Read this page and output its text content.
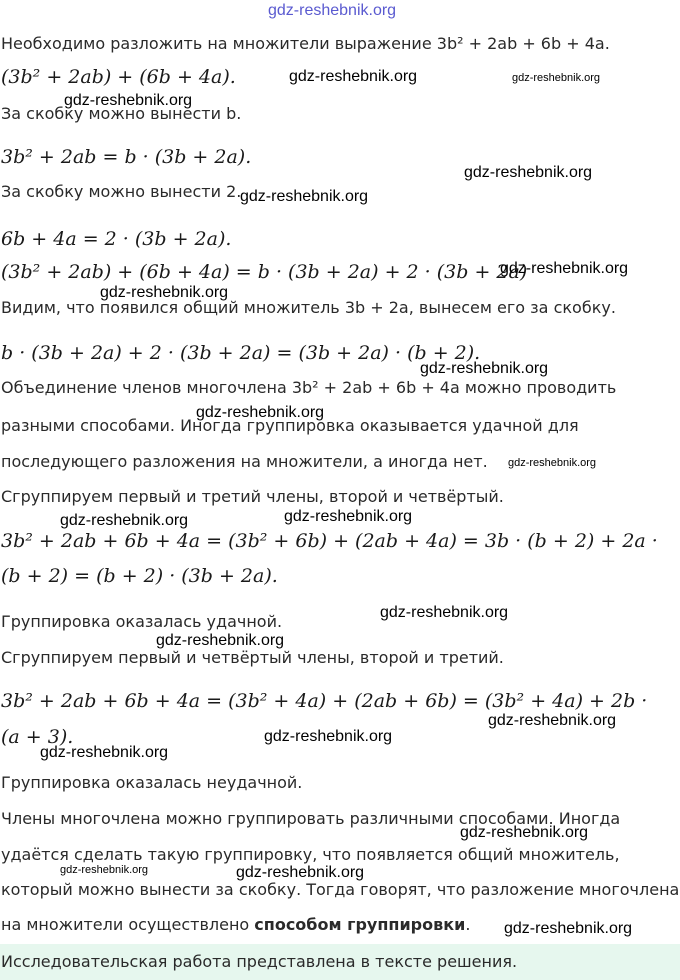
gdz-reshebnik.org
Необходимо разложить на множители выражение 3b² + 2ab + 6b + 4a.
(3b² + 2ab) + (6b + 4a).
За скобку можно вынести b.
3b² + 2ab = b · (3b + 2a).
За скобку можно вынести 2.
6b + 4a = 2 · (3b + 2a).
(3b² + 2ab) + (6b + 4a) = b · (3b + 2a) + 2 · (3b + 2a)
Видим, что появился общий множитель 3b + 2a, вынесем его за скобку.
b · (3b + 2a) + 2 · (3b + 2a) = (3b + 2a) · (b + 2).
Объединение членов многочлена 3b² + 2ab + 6b + 4a можно проводить
разными способами. Иногда группировка оказывается удачной для
последующего разложения на множители, а иногда нет.
Сгруппируем первый и третий члены, второй и четвёртый.
3b² + 2ab + 6b + 4a = (3b² + 6b) + (2ab + 4a) = 3b · (b + 2) + 2a ·
(b + 2) = (b + 2) · (3b + 2a).
Группировка оказалась удачной.
Сгруппируем первый и четвёртый члены, второй и третий.
3b² + 2ab + 6b + 4a = (3b² + 4a) + (2ab + 6b) = (3b² + 4a) + 2b ·
(a + 3).
Группировка оказалась неудачной.
Члены многочлена можно группировать различными способами. Иногда
удаётся сделать такую группировку, что появляется общий множитель,
который можно вынести за скобку. Тогда говорят, что разложение многочлена
на множители осуществлено способом группировки.
gdz-reshebnik.org	gdz-reshebnik.org
gdz-reshebnik.org
gdz-reshebnik.org
gdz-reshebnik.org
gdz-reshebnik.org
gdz-reshebnik.org
gdz-reshebnik.org
gdz-reshebnik.org
gdz-reshebnik.org
gdz-reshebnik.org
gdz-reshebnik.org
gdz-reshebnik.org
gdz-reshebnik.org
gdz-reshebnik.org
gdz-reshebnik.org
gdz-reshebnik.org
gdz-reshebnik.org
gdz-reshebnik.org	gdz-reshebnik.org
gdz-reshebnik.org
Исследовательская работа представлена в тексте решения.
